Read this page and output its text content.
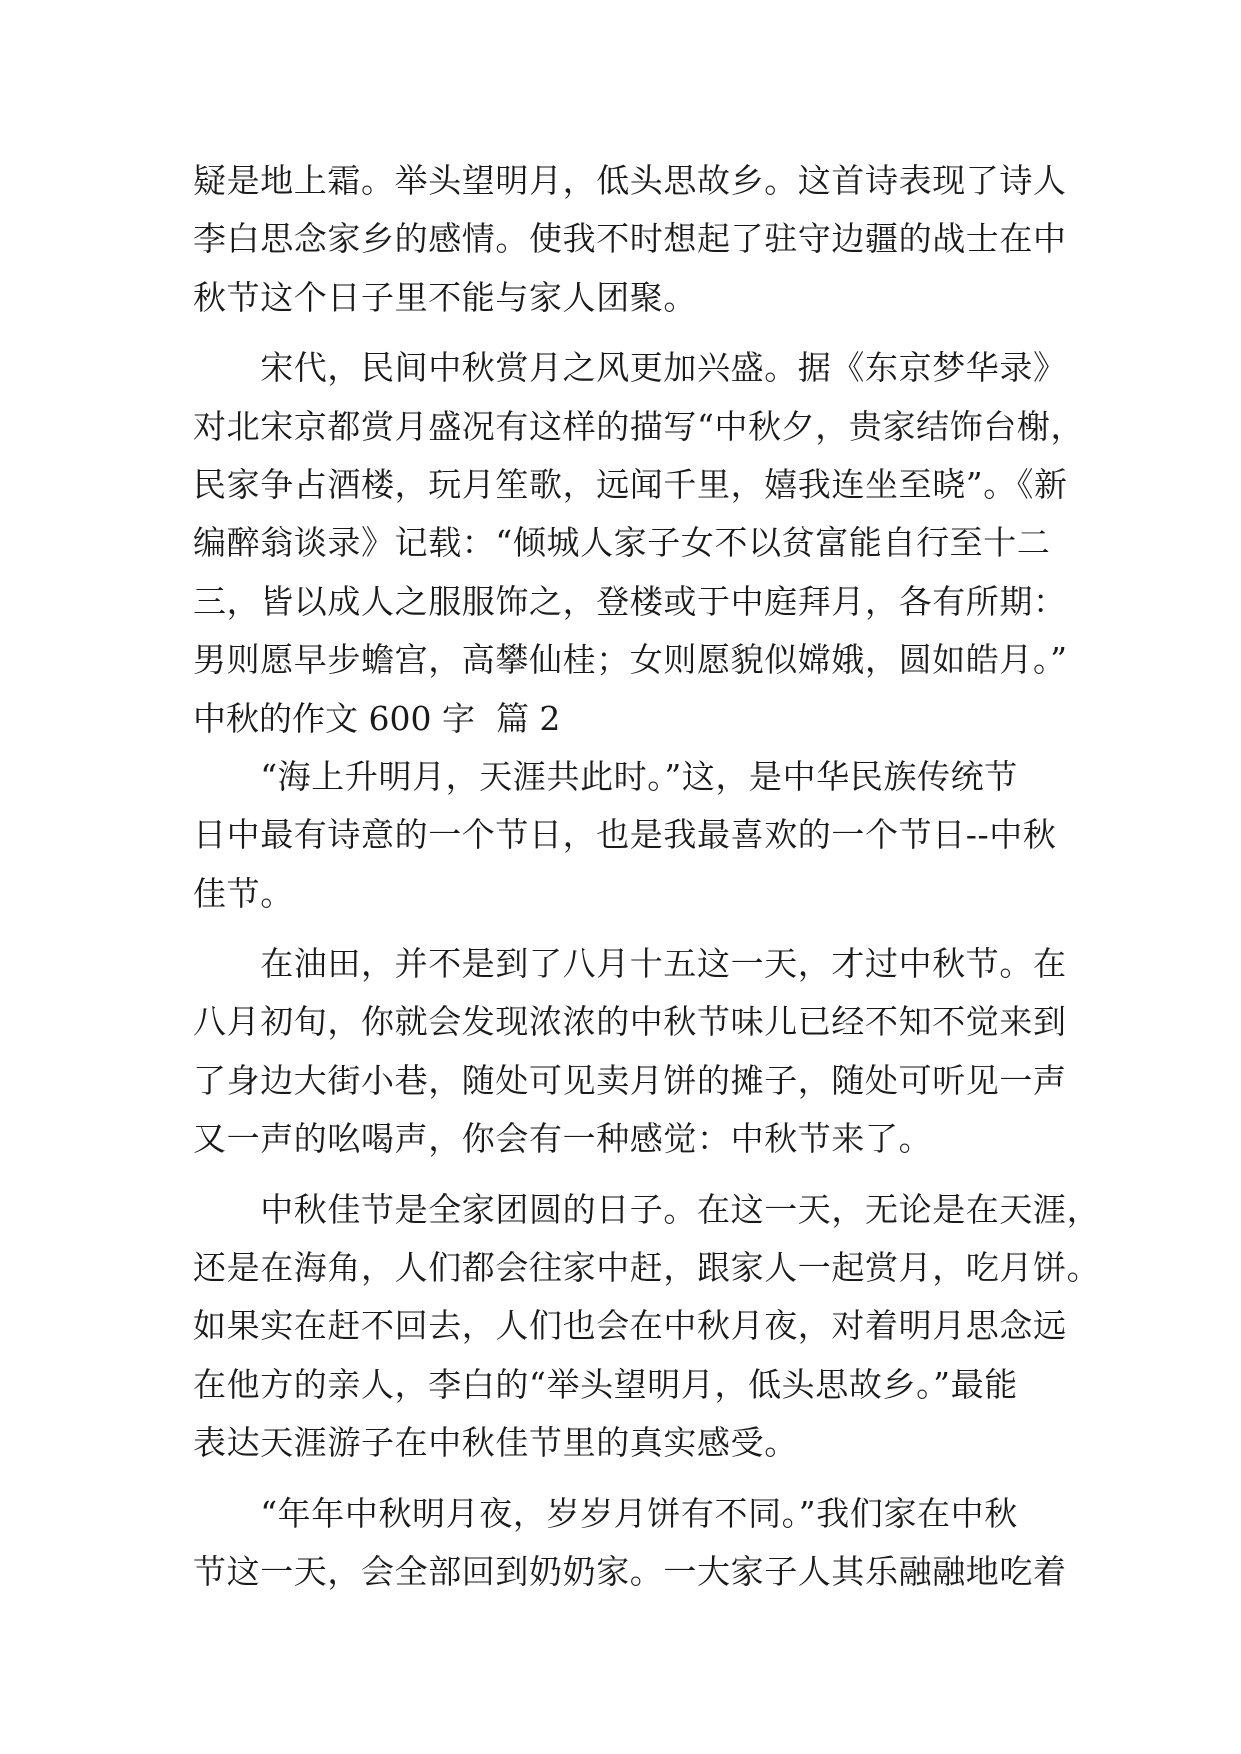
疑是地上霜。举头望明月，低头思故乡。这首诗表现了诗人
李白思念家乡的感情。使我不时想起了驻守边疆的战士在中
秋节这个日子里不能与家人团聚。
　　宋代，民间中秋赏月之风更加兴盛。据《东京梦华录》
对北宋京都赏月盛况有这样的描写“中秋夕，贵家结饰台榭，
民家争占酒楼，玩月笙歌，远闻千里，嬉我连坐至晓”。《新
编醉翁谈录》记载：“倾城人家子女不以贫富能自行至十二
三，皆以成人之服服饰之，登楼或于中庭拜月，各有所期：
男则愿早步蟾宫，高攀仙桂；女则愿貌似嫦娥，圆如皓月。”
中秋的作文 600 字  篇 2
　　“海上升明月，天涯共此时。”这，是中华民族传统节
日中最有诗意的一个节日，也是我最喜欢的一个节日--中秋
佳节。
　　在油田，并不是到了八月十五这一天，才过中秋节。在
八月初旬，你就会发现浓浓的中秋节味儿已经不知不觉来到
了身边大街小巷，随处可见卖月饼的摊子，随处可听见一声
又一声的吆喝声，你会有一种感觉：中秋节来了。
　　中秋佳节是全家团圆的日子。在这一天，无论是在天涯，
还是在海角，人们都会往家中赶，跟家人一起赏月，吃月饼。
如果实在赶不回去，人们也会在中秋月夜，对着明月思念远
在他方的亲人，李白的“举头望明月，低头思故乡。”最能
表达天涯游子在中秋佳节里的真实感受。
　　“年年中秋明月夜，岁岁月饼有不同。”我们家在中秋
节这一天，会全部回到奶奶家。一大家子人其乐融融地吃着
